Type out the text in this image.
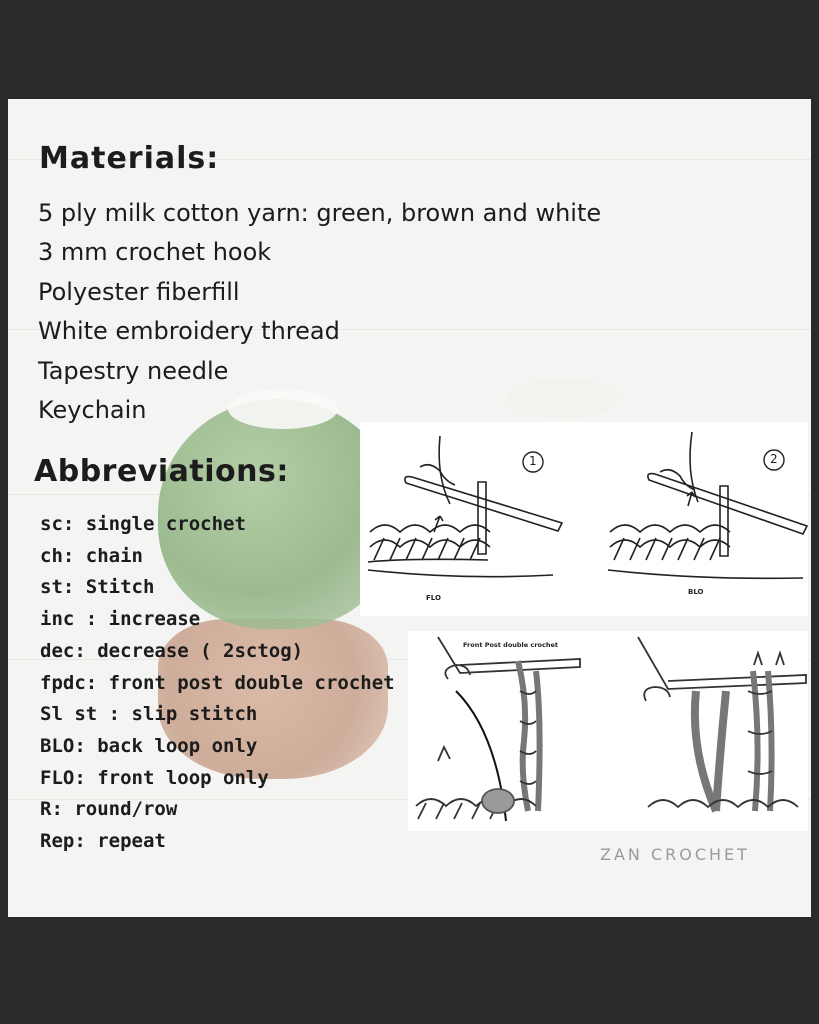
Materials:
5 ply milk cotton yarn: green, brown and white
3 mm crochet hook
Polyester fiberfill
White embroidery thread
Tapestry needle
Keychain
Abbreviations:
sc: single crochet
ch: chain
st: Stitch
inc : increase
dec: decrease ( 2sctog)
fpdc: front post double crochet
Sl st : slip stitch
BLO: back loop only
FLO: front loop only
R: round/row
Rep: repeat
1	2
FLO
BLO
Front Post double crochet
ZAN CROCHET
